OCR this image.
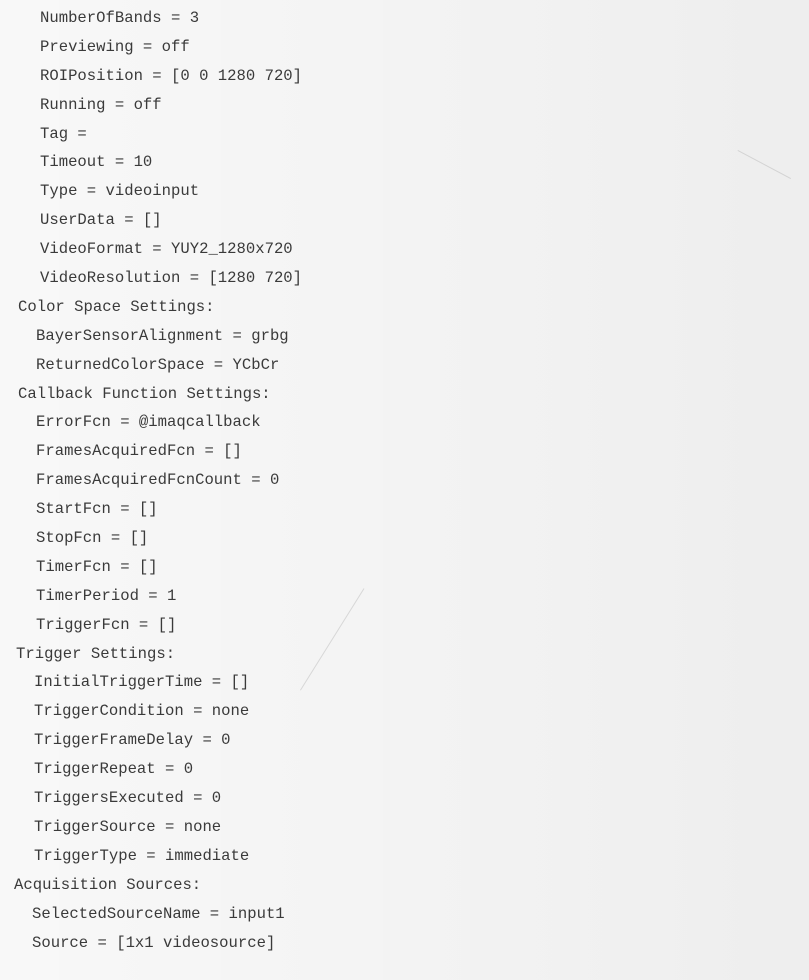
NumberOfBands = 3
Previewing = off
ROIPosition = [0 0 1280 720]
Running = off
Tag =
Timeout = 10
Type = videoinput
UserData = []
VideoFormat = YUY2_1280x720
VideoResolution = [1280 720]
Color Space Settings:
BayerSensorAlignment = grbg
ReturnedColorSpace = YCbCr
Callback Function Settings:
ErrorFcn = @imaqcallback
FramesAcquiredFcn = []
FramesAcquiredFcnCount = 0
StartFcn = []
StopFcn = []
TimerFcn = []
TimerPeriod = 1
TriggerFcn = []
Trigger Settings:
InitialTriggerTime = []
TriggerCondition = none
TriggerFrameDelay = 0
TriggerRepeat = 0
TriggersExecuted = 0
TriggerSource = none
TriggerType = immediate
Acquisition Sources:
SelectedSourceName = input1
Source = [1x1 videosource]
